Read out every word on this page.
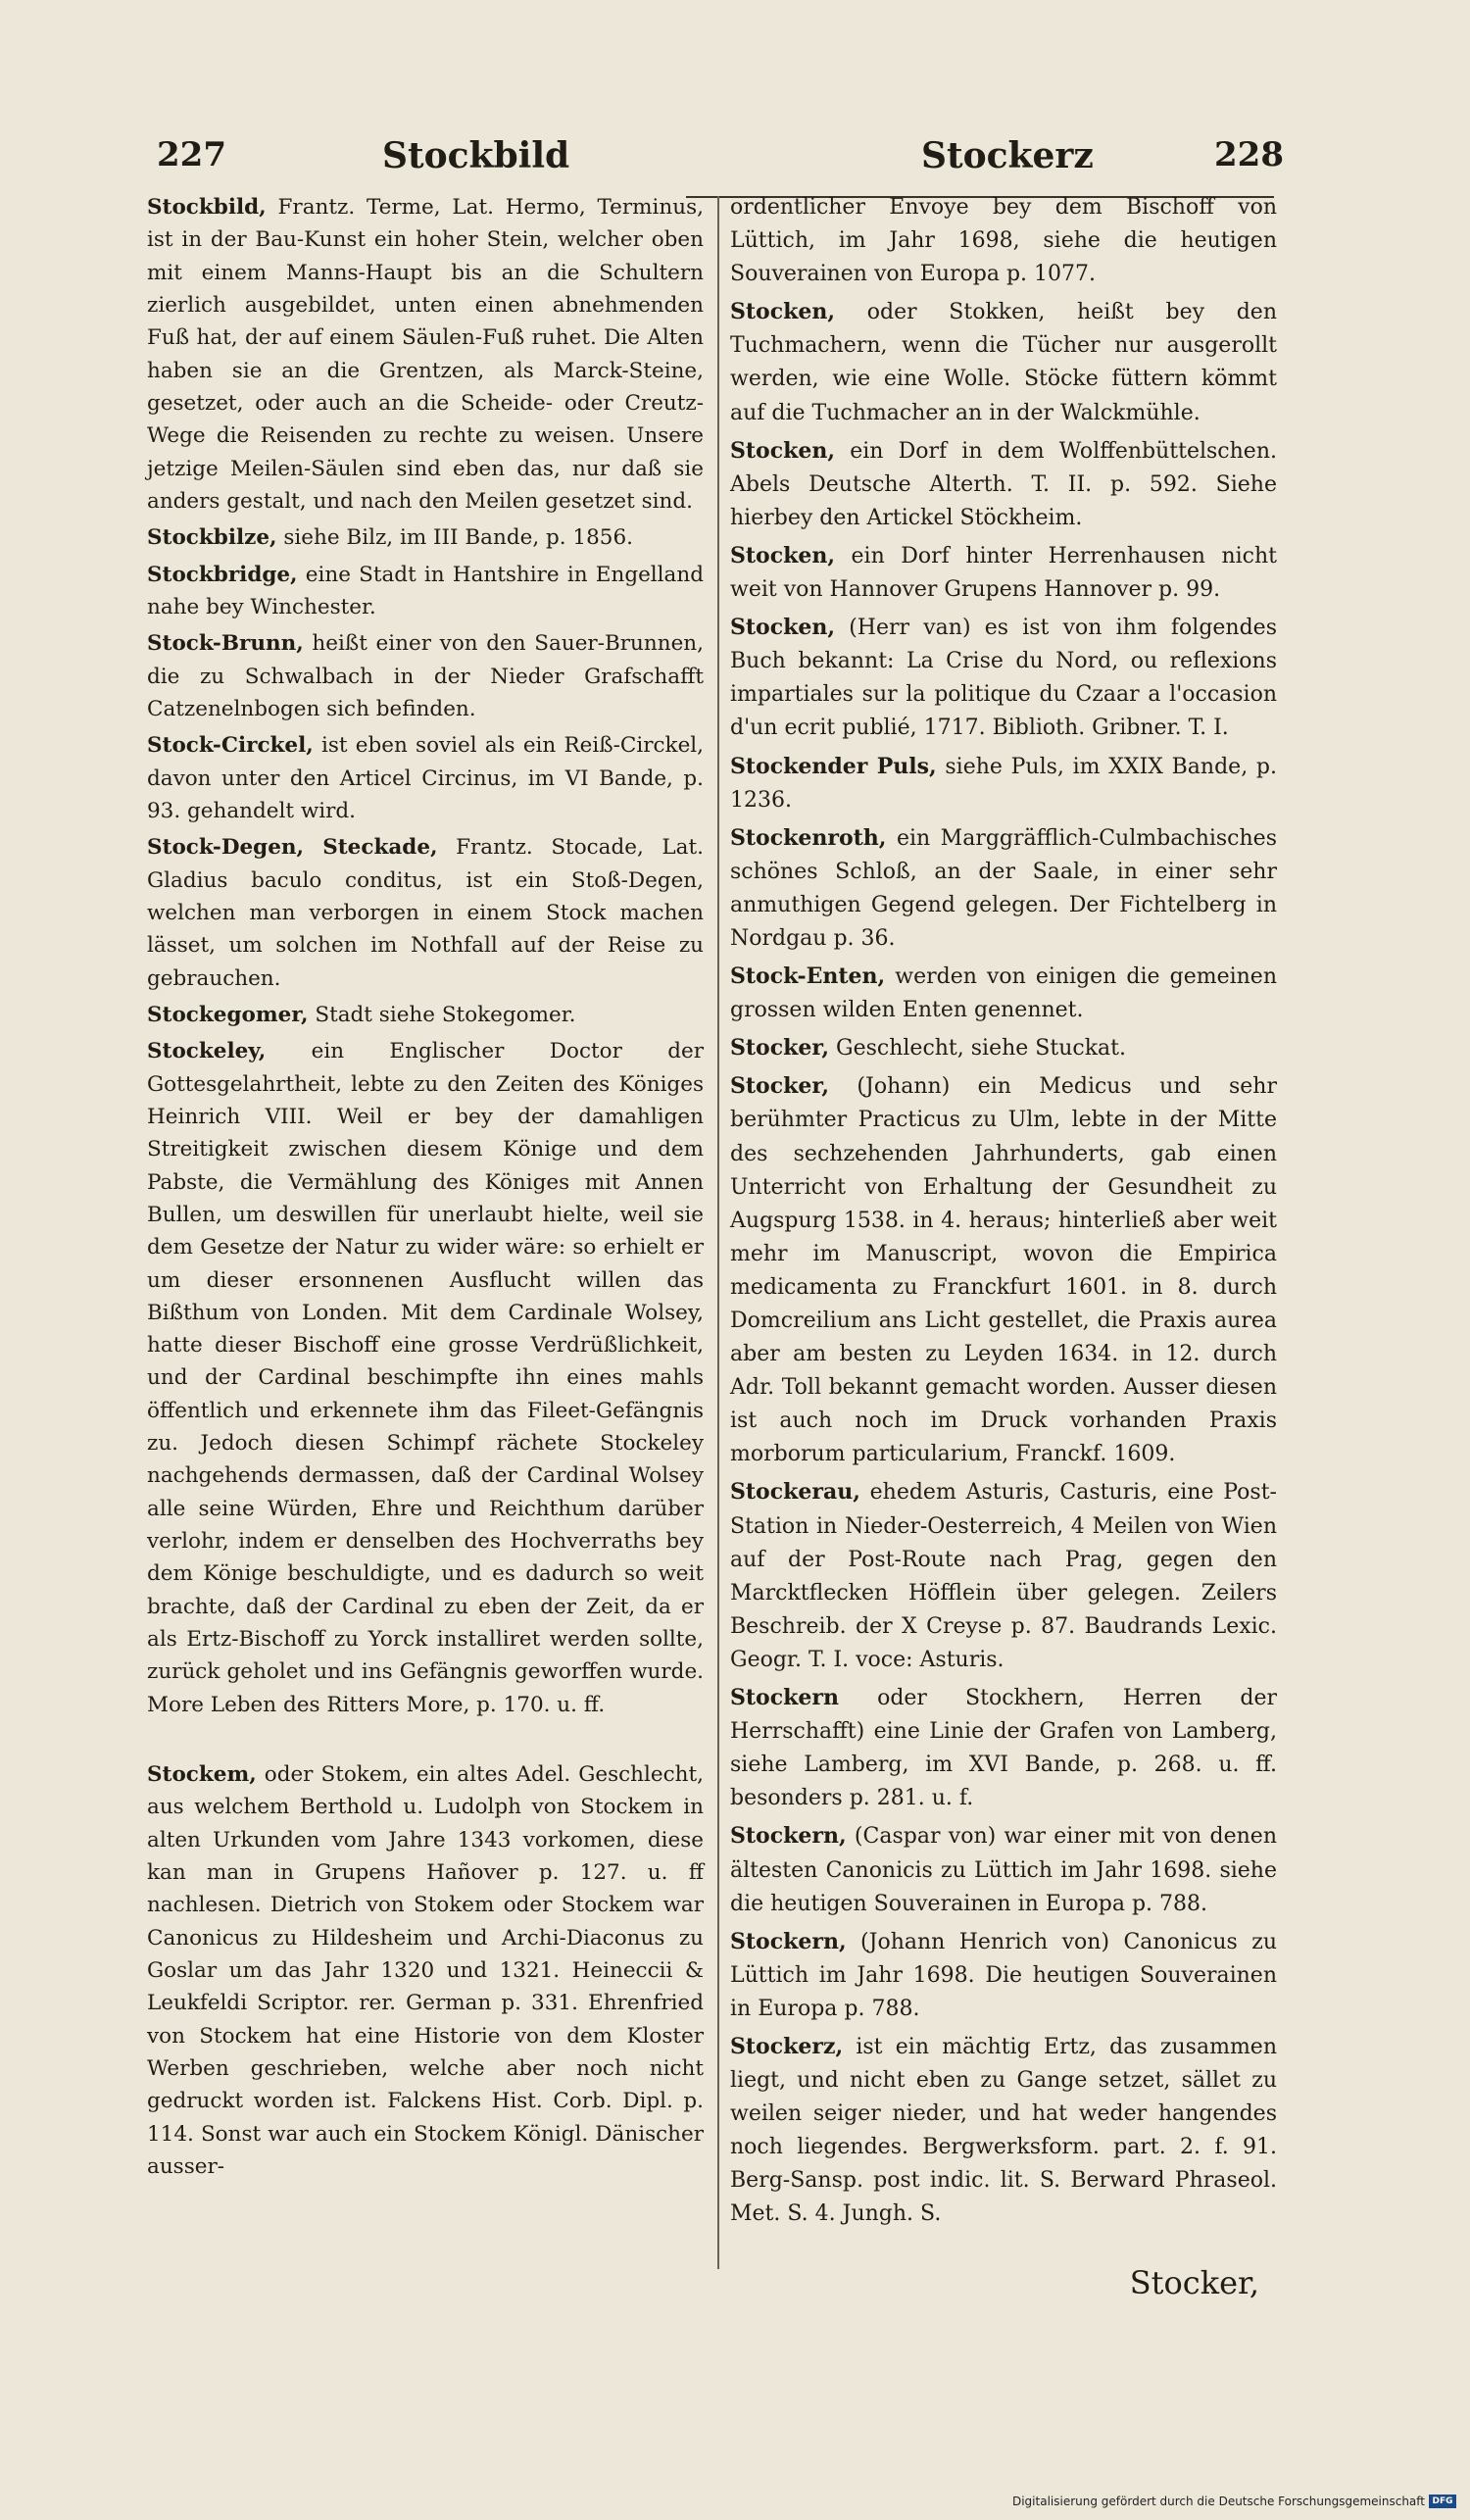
227	Stockbild	Stockerz	228
Stockbild, Frantz. Terme, Lat. Hermo, Terminus, ist in der Bau-Kunst ein hoher Stein, welcher oben mit einem Manns-Haupt bis an die Schultern zierlich ausgebildet, unten einen abnehmenden Fuß hat, der auf einem Säulen-Fuß ruhet. Die Alten haben sie an die Grentzen, als Marck-Steine, gesetzet, oder auch an die Scheide- oder Creutz-Wege die Reisenden zu rechte zu weisen. Unsere jetzige Meilen-Säulen sind eben das, nur daß sie anders gestalt, und nach den Meilen gesetzet sind.
Stockbilze, siehe Bilz, im III Bande, p. 1856.
Stockbridge, eine Stadt in Hantshire in Engelland nahe bey Winchester.
Stock-Brunn, heißt einer von den Sauer-Brunnen, die zu Schwalbach in der Nieder Grafschafft Catzenelnbogen sich befinden.
Stock-Circkel, ist eben soviel als ein Reiß-Circkel, davon unter den Articel Circinus, im VI Bande, p. 93. gehandelt wird.
Stock-Degen, Steckade, Frantz. Stocade, Lat. Gladius baculo conditus, ist ein Stoß-Degen, welchen man verborgen in einem Stock machen lässet, um solchen im Nothfall auf der Reise zu gebrauchen.
Stockegomer, Stadt siehe Stokegomer.
Stockeley, ein Englischer Doctor der Gottesgelahrtheit, lebte zu den Zeiten des Königes Heinrich VIII. Weil er bey der damahligen Streitigkeit zwischen diesem Könige und dem Pabste, die Vermählung des Königes mit Annen Bullen, um deswillen für unerlaubt hielte, weil sie dem Gesetze der Natur zu wider wäre: so erhielt er um dieser ersonnenen Ausflucht willen das Bißthum von Londen. Mit dem Cardinale Wolsey, hatte dieser Bischoff eine grosse Verdrüßlichkeit, und der Cardinal beschimpfte ihn eines mahls öffentlich und erkennete ihm das Fileet-Gefängnis zu. Jedoch diesen Schimpf rächete Stockeley nachgehends dermassen, daß der Cardinal Wolsey alle seine Würden, Ehre und Reichthum darüber verlohr, indem er denselben des Hochverraths bey dem Könige beschuldigte, und es dadurch so weit brachte, daß der Cardinal zu eben der Zeit, da er als Ertz-Bischoff zu Yorck installiret werden sollte, zurück geholet und ins Gefängnis geworffen wurde. More Leben des Ritters More, p. 170. u. ff.
Stockem, oder Stokem, ein altes Adel. Geschlecht, aus welchem Berthold u. Ludolph von Stockem in alten Urkunden vom Jahre 1343 vorkomen, diese kan man in Grupens Hañover p. 127. u. ff nachlesen. Dietrich von Stokem oder Stockem war Canonicus zu Hildesheim und Archi-Diaconus zu Goslar um das Jahr 1320 und 1321. Heineccii & Leukfeldi Scriptor. rer. German p. 331. Ehrenfried von Stockem hat eine Historie von dem Kloster Werben geschrieben, welche aber noch nicht gedruckt worden ist. Falckens Hist. Corb. Dipl. p. 114. Sonst war auch ein Stockem Königl. Dänischer ausser-
ordentlicher Envoye bey dem Bischoff von Lüttich, im Jahr 1698, siehe die heutigen Souverainen von Europa p. 1077.
Stocken, oder Stokken, heißt bey den Tuchmachern, wenn die Tücher nur ausgerollt werden, wie eine Wolle. Stöcke füttern kömmt auf die Tuchmacher an in der Walckmühle.
Stocken, ein Dorf in dem Wolffenbüttelschen. Abels Deutsche Alterth. T. II. p. 592. Siehe hierbey den Artickel Stöckheim.
Stocken, ein Dorf hinter Herrenhausen nicht weit von Hannover Grupens Hannover p. 99.
Stocken, (Herr van) es ist von ihm folgendes Buch bekannt: La Crise du Nord, ou reflexions impartiales sur la politique du Czaar a l'occasion d'un ecrit publié, 1717. Biblioth. Gribner. T. I.
Stockender Puls, siehe Puls, im XXIX Bande, p. 1236.
Stockenroth, ein Marggräfflich-Culmbachisches schönes Schloß, an der Saale, in einer sehr anmuthigen Gegend gelegen. Der Fichtelberg in Nordgau p. 36.
Stock-Enten, werden von einigen die gemeinen grossen wilden Enten genennet.
Stocker, Geschlecht, siehe Stuckat.
Stocker, (Johann) ein Medicus und sehr berühmter Practicus zu Ulm, lebte in der Mitte des sechzehenden Jahrhunderts, gab einen Unterricht von Erhaltung der Gesundheit zu Augspurg 1538. in 4. heraus; hinterließ aber weit mehr im Manuscript, wovon die Empirica medicamenta zu Franckfurt 1601. in 8. durch Domcreilium ans Licht gestellet, die Praxis aurea aber am besten zu Leyden 1634. in 12. durch Adr. Toll bekannt gemacht worden. Ausser diesen ist auch noch im Druck vorhanden Praxis morborum particularium, Franckf. 1609.
Stockerau, ehedem Asturis, Casturis, eine Post-Station in Nieder-Oesterreich, 4 Meilen von Wien auf der Post-Route nach Prag, gegen den Marcktflecken Höfflein über gelegen. Zeilers Beschreib. der X Creyse p. 87. Baudrands Lexic. Geogr. T. I. voce: Asturis.
Stockern oder Stockhern, Herren der Herrschafft) eine Linie der Grafen von Lamberg, siehe Lamberg, im XVI Bande, p. 268. u. ff. besonders p. 281. u. f.
Stockern, (Caspar von) war einer mit von denen ältesten Canonicis zu Lüttich im Jahr 1698. siehe die heutigen Souverainen in Europa p. 788.
Stockern, (Johann Henrich von) Canonicus zu Lüttich im Jahr 1698. Die heutigen Souverainen in Europa p. 788.
Stockerz, ist ein mächtig Ertz, das zusammen liegt, und nicht eben zu Gange setzet, sället zu weilen seiger nieder, und hat weder hangendes noch liegendes. Bergwerksform. part. 2. f. 91. Berg-Sansp. post indic. lit. S. Berward Phraseol. Met. S. 4. Jungh. S.
Stocker,
Digitalisierung gefördert durch die Deutsche Forschungsgemeinschaft DFG
